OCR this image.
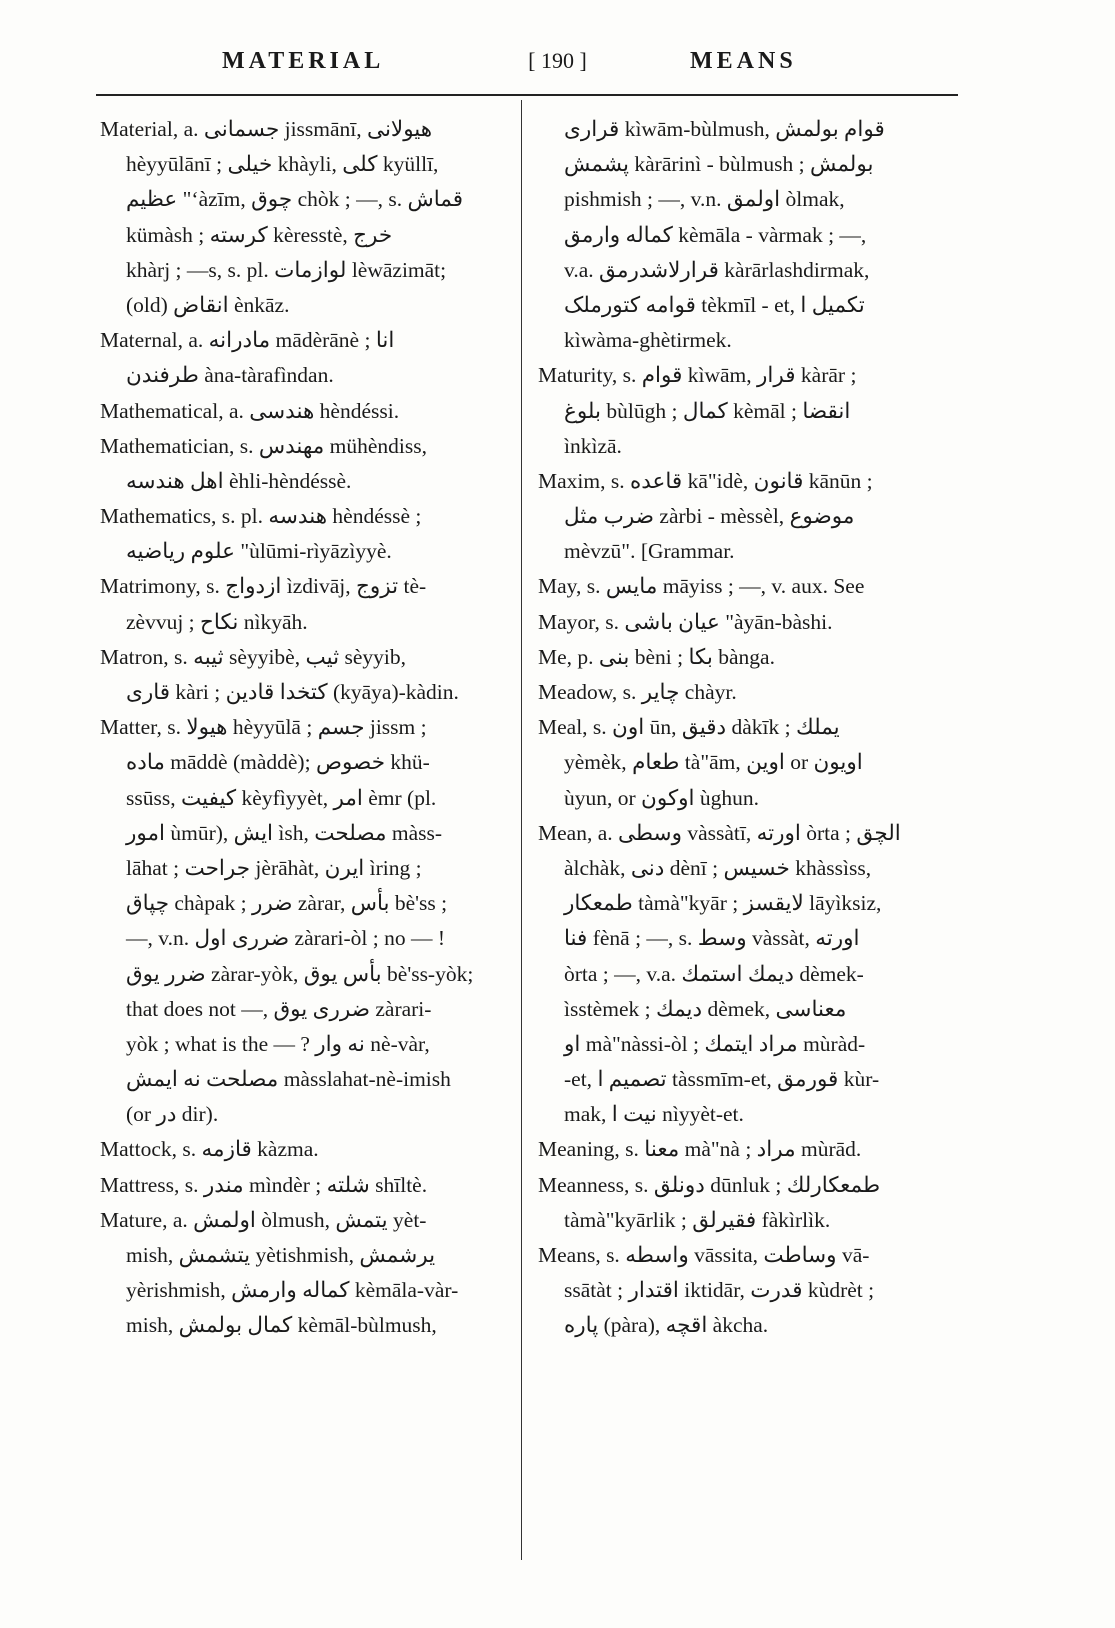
MATERIAL	[ 190 ]	MEANS
Material, a. جسمانی jissmānī, هیولانی
hèyyūlānī ; خیلی khàyli, کلی kyüllī,
عظیم "ʻàzīm, چوق chòk ; —, s. قماش
kümàsh ; کرسته kèresstè, خرج
khàrj ; —s, s. pl. لوازمات lèwāzimāt;
(old) انقاض ènkāz.
Maternal, a. مادرانه mādèrānè ; انا
طرفندن àna-tàrafìndan.
Mathematical, a. هندسی hèndéssi.
Mathematician, s. مهندس mühèndiss,
اهل هندسه èhli-hèndéssè.
Mathematics, s. pl. هندسه hèndéssè ;
علوم ریاضیه "ùlūmi-rìyāzìyyè.
Matrimony, s. ازدواج ìzdivāj, تزوج tè-
zèvvuj ; نکاح nìkyāh.
Matron, s. ثیبه sèyyibè, ثیب sèyyib,
قاری kàri ; کتخدا قادین (kyāya)-kàdin.
Matter, s. هیولا hèyyūlā ; جسم jissm ;
ماده māddè (màddè); خصوص khü-
ssūss, کیفیت kèyfìyyèt, امر èmr (pl.
امور ùmūr), ایش ìsh, مصلحت màss-
lāhat ; جراحت jèrāhàt, ایرن ìring ;
چپاق chàpak ; ضرر zàrar, بأس bè'ss ;
—, v.n. ضرری اول zàrari-òl ; no — !
ضرر یوق zàrar-yòk, بأس یوق bè'ss-yòk;
that does not —, ضرری یوق zàrari-
yòk ; what is the — ? نه وار nè-vàr,
مصلحت نه ایمش màsslahat-nè-imish
(or در dir).
Mattock, s. قازمه kàzma.
Mattress, s. مندر mìndèr ; شلته shīltè.
Mature, a. اولمش òlmush, یتمش yèt-
mish, یتشمش yètishmish, یرشمش
yèrishmish, کماله وارمش kèmāla-vàr-
mish, کمال بولمش kèmāl-bùlmush,
قراری kìwām-bùlmush, قوام بولمش
پشمش kàrārinì - bùlmush ; بولمش
pishmish ; —, v.n. اولمق òlmak,
کماله وارمق kèmāla - vàrmak ; —,
v.a. قرارلاشدرمق kàrārlashdirmak,
قوامه کتورملک tèkmīl - et, تکمیل ا
kìwàma-ghètirmek.
Maturity, s. قوام kìwām, قرار kàrār ;
بلوغ bùlūgh ; کمال kèmāl ; انقضا
ìnkìzā.
Maxim, s. قاعده kā"idè, قانون kānūn ;
ضرب مثل zàrbi - mèssèl, موضوع
mèvzū". [Grammar.
May, s. مایس māyiss ; —, v. aux. See
Mayor, s. عیان باشی "àyān-bàshi.
Me, p. بنی bèni ; بکا bànga.
Meadow, s. چایر chàyr.
Meal, s. اون ūn, دقیق dàkīk ; یملك
yèmèk, طعام tà"ām, اوین or اویون
ùyun, or اوکون ùghun.
Mean, a. وسطی vàssàtī, اورته òrta ; الچق
àlchàk, دنی dènī ; خسیس khàssìss,
طمعکار tàmà"kyār ; لایقسز lāyìksiz,
فنا fènā ; —, s. وسط vàssàt, اورته
òrta ; —, v.a. دیمك استمك dèmek-
ìsstèmek ; دیمك dèmek, معناسی
او mà"nàssi-òl ; مراد ایتمك mùràd-
-et, تصمیم ا tàssmīm-et, قورمق kùr-
mak, نیت ا nìyyèt-et.
Meaning, s. معنا mà"nà ; مراد mùrād.
Meanness, s. دونلق dūnluk ; طمعكارلك
tàmà"kyārlik ; فقیرلق fàkìrlìk.
Means, s. واسطه vāssita, وساطت vā-
ssātàt ; اقتدار iktidār, قدرت kùdrèt ;
پاره (pàra), اقچه àkcha.
